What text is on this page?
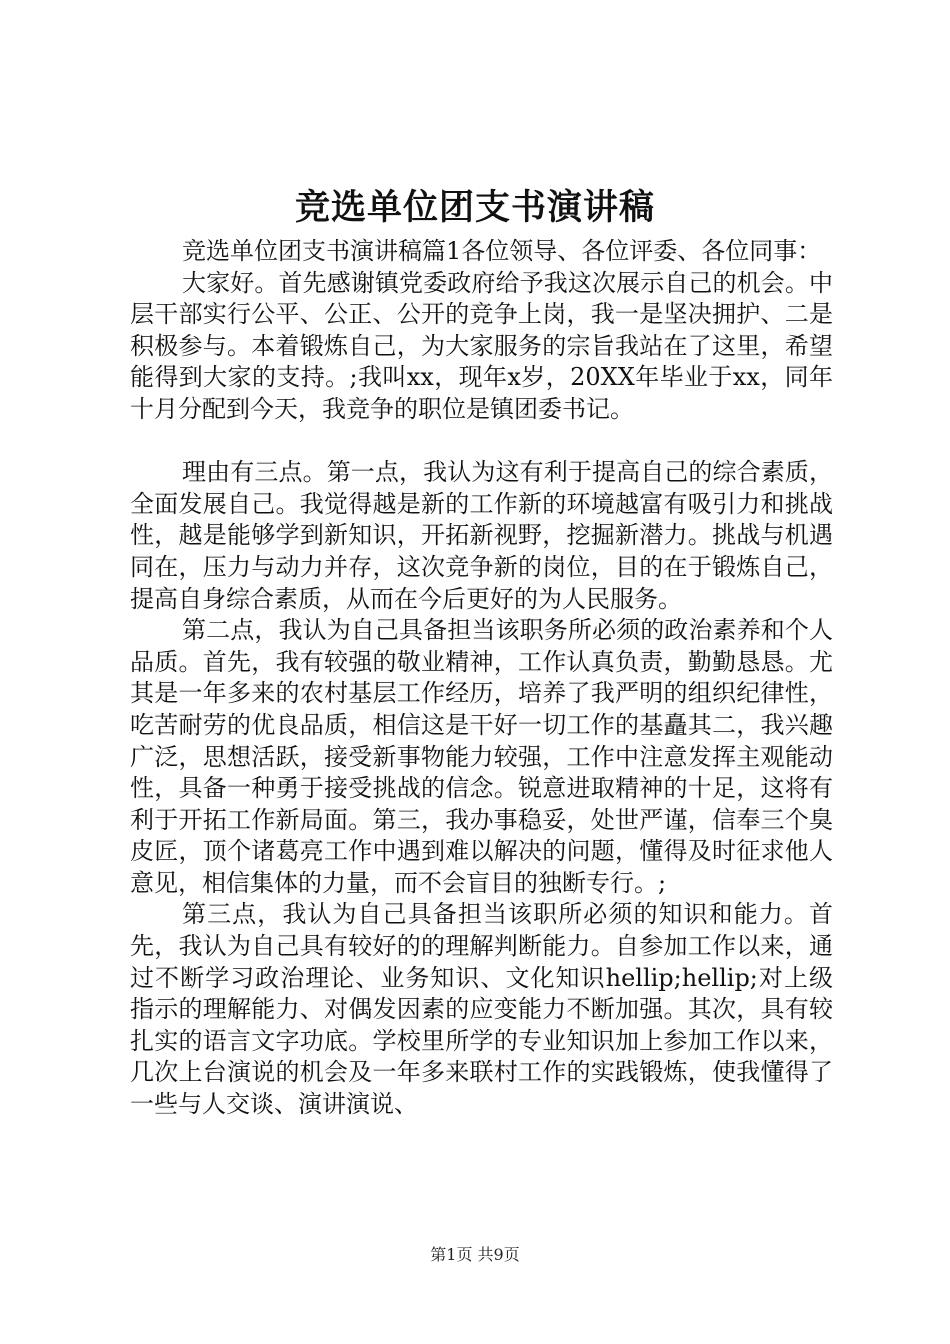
竞选单位团支书演讲稿

竞选单位团支书演讲稿篇1各位领导、各位评委、各位同事：

大家好。首先感谢镇党委政府给予我这次展示自己的机会。中层干部实行公平、公正、公开的竞争上岗，我一是坚决拥护、二是积极参与。本着锻炼自己，为大家服务的宗旨我站在了这里，希望能得到大家的支持。;我叫xx，现年x岁，20XX年毕业于xx，同年十月分配到今天，我竞争的职位是镇团委书记。

理由有三点。第一点，我认为这有利于提高自己的综合素质，全面发展自己。我觉得越是新的工作新的环境越富有吸引力和挑战性，越是能够学到新知识，开拓新视野，挖掘新潜力。挑战与机遇同在，压力与动力并存，这次竞争新的岗位，目的在于锻炼自己，提高自身综合素质，从而在今后更好的为人民服务。

第二点，我认为自己具备担当该职务所必须的政治素养和个人品质。首先，我有较强的敬业精神，工作认真负责，勤勤恳恳。尤其是一年多来的农村基层工作经历，培养了我严明的组织纪律性，吃苦耐劳的优良品质，相信这是干好一切工作的基矗其二，我兴趣广泛，思想活跃，接受新事物能力较强，工作中注意发挥主观能动性，具备一种勇于接受挑战的信念。锐意进取精神的十足，这将有利于开拓工作新局面。第三，我办事稳妥，处世严谨，信奉三个臭皮匠，顶个诸葛亮工作中遇到难以解决的问题，懂得及时征求他人意见，相信集体的力量，而不会盲目的独断专行。;

第三点，我认为自己具备担当该职所必须的知识和能力。首先，我认为自己具有较好的的理解判断能力。自参加工作以来，通过不断学习政治理论、业务知识、文化知识hellip;hellip;对上级指示的理解能力、对偶发因素的应变能力不断加强。其次，具有较扎实的语言文字功底。学校里所学的专业知识加上参加工作以来，几次上台演说的机会及一年多来联村工作的实践锻炼，使我懂得了一些与人交谈、演讲演说、

第1页 共9页
